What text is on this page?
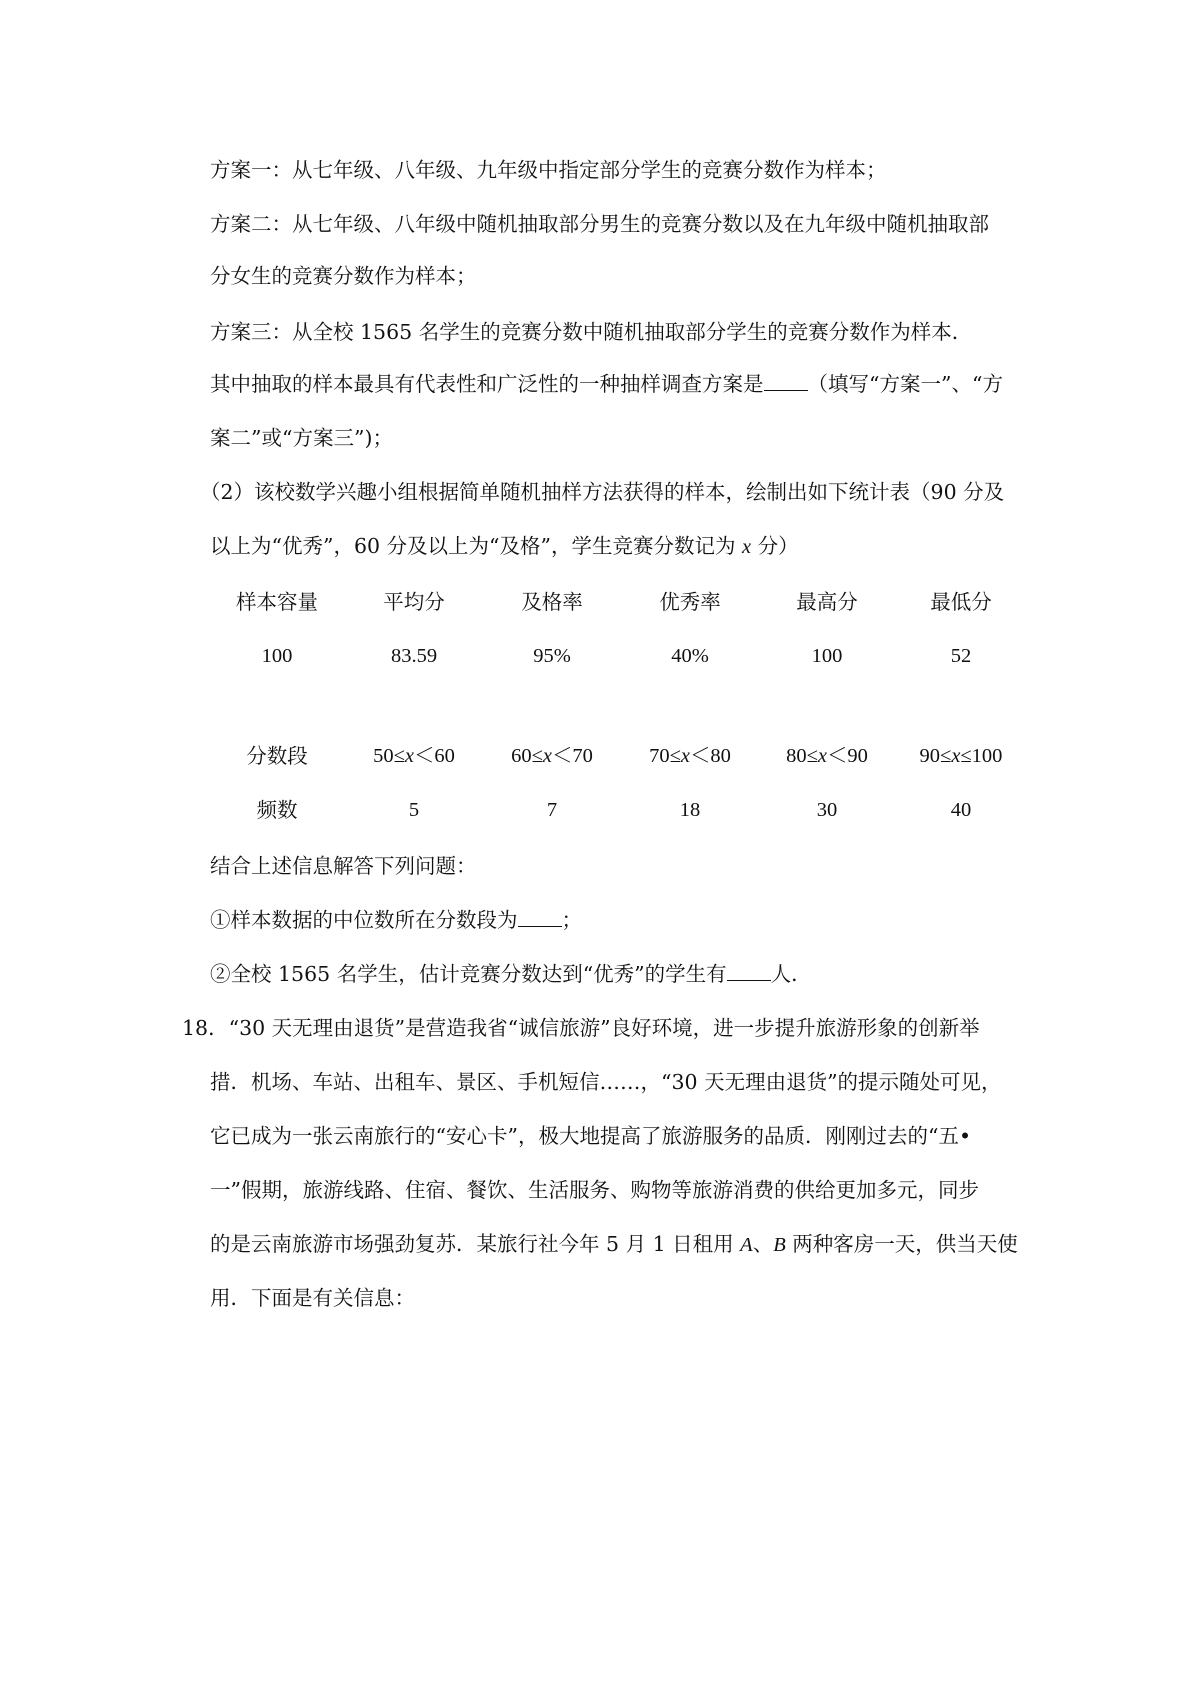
方案一：从七年级、八年级、九年级中指定部分学生的竞赛分数作为样本；
方案二：从七年级、八年级中随机抽取部分男生的竞赛分数以及在九年级中随机抽取部
分女生的竞赛分数作为样本；
方案三：从全校 1565 名学生的竞赛分数中随机抽取部分学生的竞赛分数作为样本．
其中抽取的样本最具有代表性和广泛性的一种抽样调查方案是 （填写“方案一”、“方
案二”或“方案三”)；
（2）该校数学兴趣小组根据简单随机抽样方法获得的样本，绘制出如下统计表（90 分及
以上为“优秀”，60 分及以上为“及格”，学生竞赛分数记为 x 分）
样本容量	平均分	及格率	优秀率	最高分	最低分
100	83.59	95%	40%	100	52
分数段	50≤x＜60	60≤x＜70	70≤x＜80	80≤x＜90	90≤x≤100
频数	5	7	18	30	40
结合上述信息解答下列问题：
①样本数据的中位数所在分数段为 ；
②全校 1565 名学生，估计竞赛分数达到“优秀”的学生有 人．
18．“30 天无理由退货”是营造我省“诚信旅游”良好环境，进一步提升旅游形象的创新举
措．机场、车站、出租车、景区、手机短信……，“30 天无理由退货”的提示随处可见，
它已成为一张云南旅行的“安心卡”，极大地提高了旅游服务的品质．刚刚过去的“五•
一”假期，旅游线路、住宿、餐饮、生活服务、购物等旅游消费的供给更加多元，同步
的是云南旅游市场强劲复苏．某旅行社今年 5 月 1 日租用 A、B 两种客房一天，供当天使
用．下面是有关信息：
